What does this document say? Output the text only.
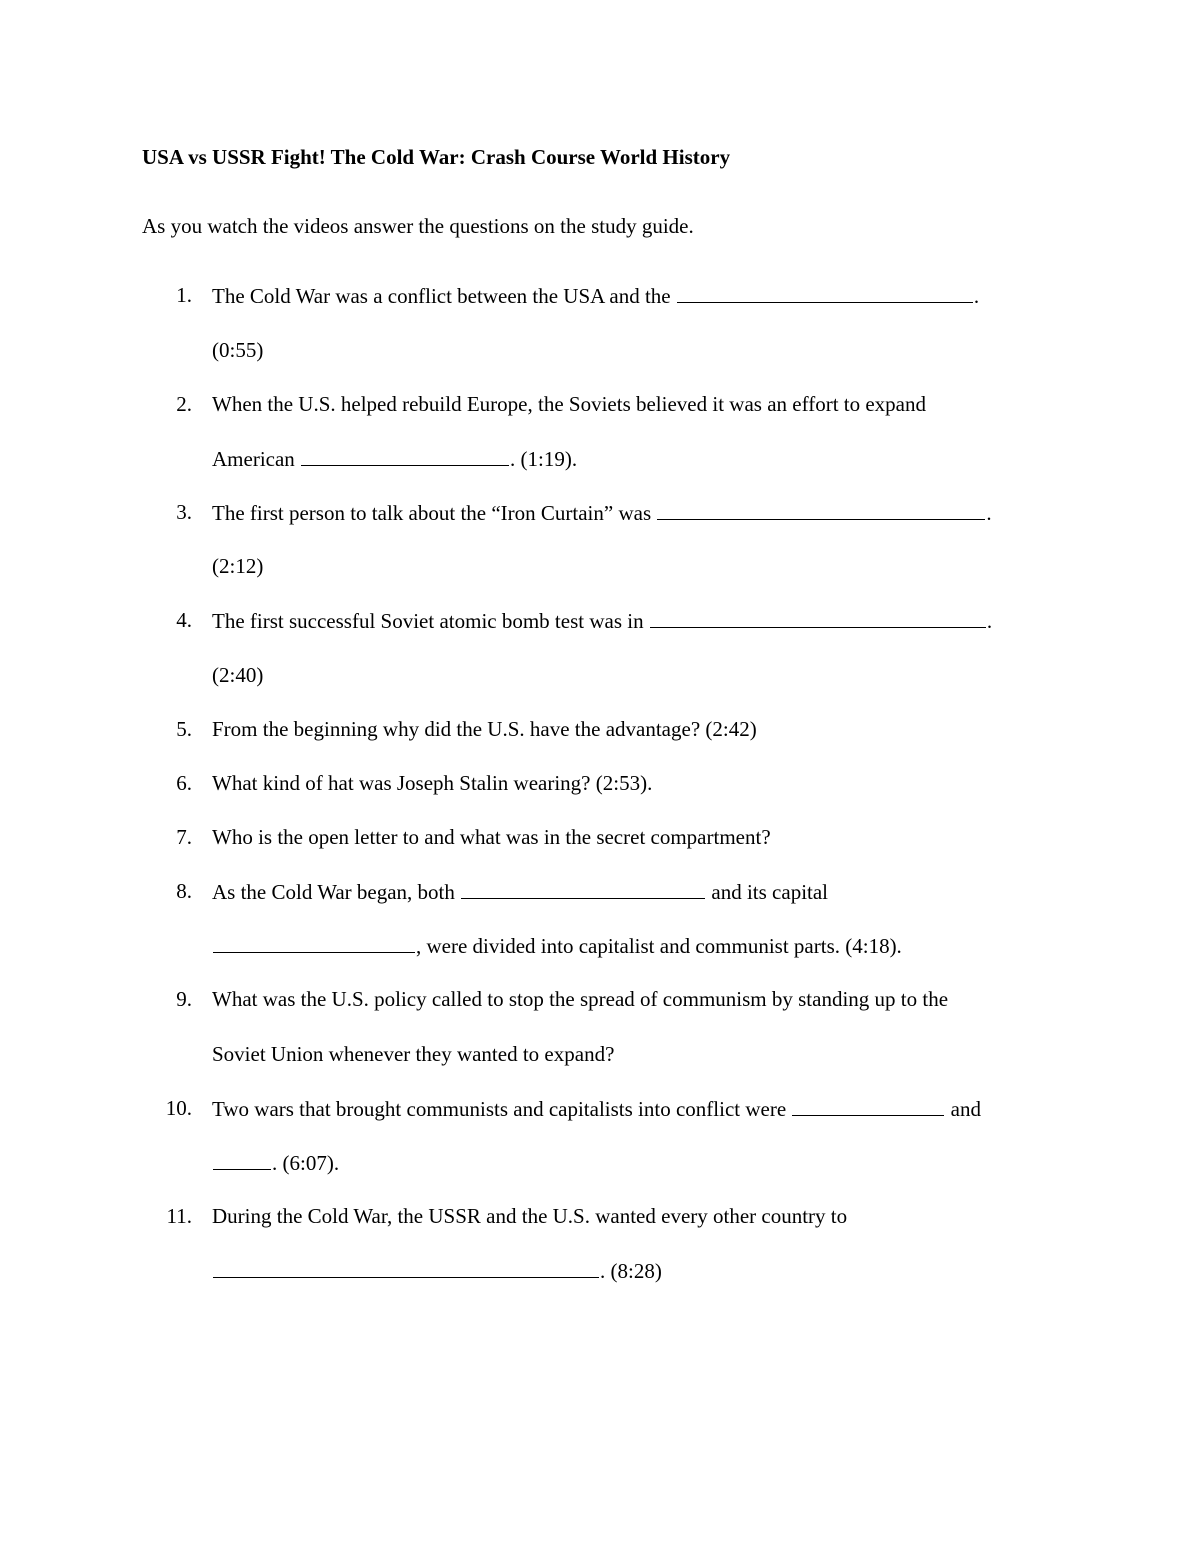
USA vs USSR Fight! The Cold War: Crash Course World History
As you watch the videos answer the questions on the study guide.
1. The Cold War was a conflict between the USA and the	.
(0:55)
2. When the U.S. helped rebuild Europe, the Soviets believed it was an effort to expand
American	. (1:19).
3. The first person to talk about the “Iron Curtain” was	.
(2:12)
4. The first successful Soviet atomic bomb test was in	.
(2:40)
5. From the beginning why did the U.S. have the advantage? (2:42)
6. What kind of hat was Joseph Stalin wearing? (2:53).
7. Who is the open letter to and what was in the secret compartment?
8. As the Cold War began, both	and its capital
, were divided into capitalist and communist parts. (4:18).
9. What was the U.S. policy called to stop the spread of communism by standing up to the
Soviet Union whenever they wanted to expand?
10. Two wars that brought communists and capitalists into conflict were	and
. (6:07).
11. During the Cold War, the USSR and the U.S. wanted every other country to
. (8:28)
